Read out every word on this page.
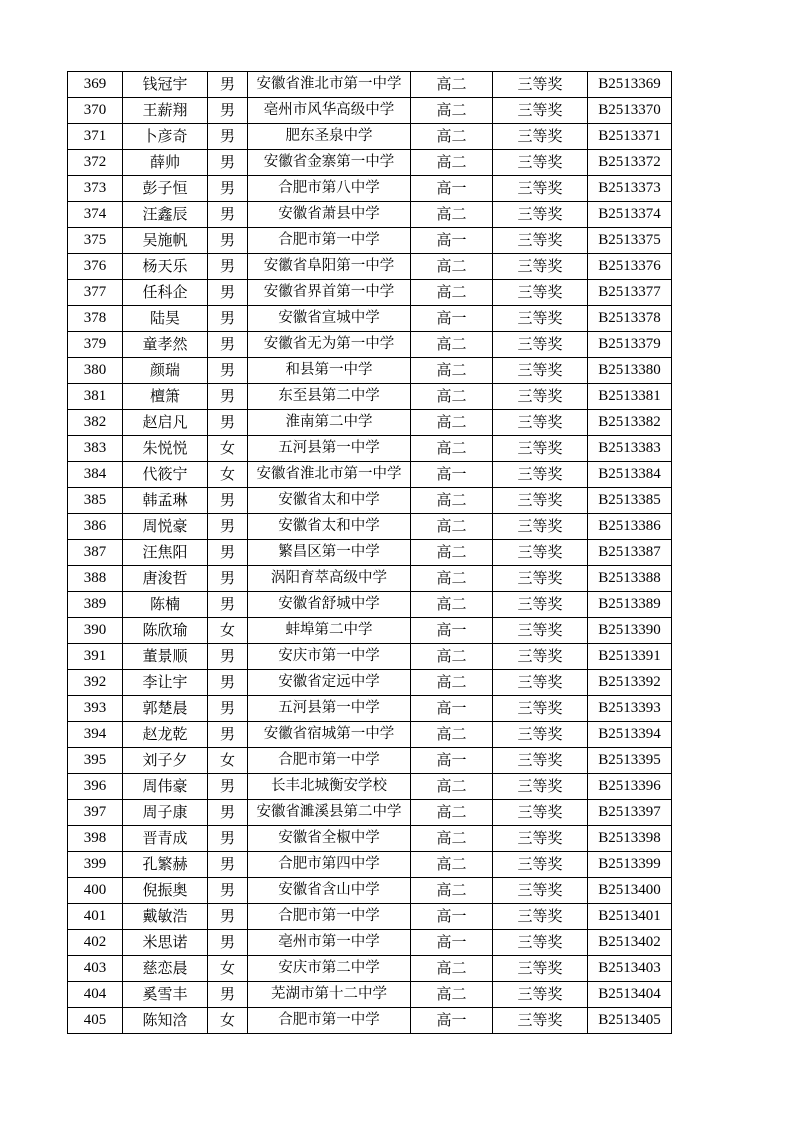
369	钱冠宇	男	安徽省淮北市第一中学	高二	三等奖	B2513369
370	王薪翔	男	亳州市风华高级中学	高二	三等奖	B2513370
371	卜彦奇	男	肥东圣泉中学	高二	三等奖	B2513371
372	薛帅	男	安徽省金寨第一中学	高二	三等奖	B2513372
373	彭子恒	男	合肥市第八中学	高一	三等奖	B2513373
374	汪鑫辰	男	安徽省萧县中学	高二	三等奖	B2513374
375	吴施帆	男	合肥市第一中学	高一	三等奖	B2513375
376	杨天乐	男	安徽省阜阳第一中学	高二	三等奖	B2513376
377	任科企	男	安徽省界首第一中学	高二	三等奖	B2513377
378	陆昊	男	安徽省宣城中学	高一	三等奖	B2513378
379	童孝然	男	安徽省无为第一中学	高二	三等奖	B2513379
380	颜瑞	男	和县第一中学	高二	三等奖	B2513380
381	檀箫	男	东至县第二中学	高二	三等奖	B2513381
382	赵启凡	男	淮南第二中学	高二	三等奖	B2513382
383	朱悦悦	女	五河县第一中学	高二	三等奖	B2513383
384	代筱宁	女	安徽省淮北市第一中学	高一	三等奖	B2513384
385	韩孟琳	男	安徽省太和中学	高二	三等奖	B2513385
386	周悦豪	男	安徽省太和中学	高二	三等奖	B2513386
387	汪焦阳	男	繁昌区第一中学	高二	三等奖	B2513387
388	唐浚哲	男	涡阳育萃高级中学	高二	三等奖	B2513388
389	陈楠	男	安徽省舒城中学	高二	三等奖	B2513389
390	陈欣瑜	女	蚌埠第二中学	高一	三等奖	B2513390
391	董景顺	男	安庆市第一中学	高二	三等奖	B2513391
392	李让宇	男	安徽省定远中学	高二	三等奖	B2513392
393	郭楚晨	男	五河县第一中学	高一	三等奖	B2513393
394	赵龙乾	男	安徽省宿城第一中学	高二	三等奖	B2513394
395	刘子夕	女	合肥市第一中学	高一	三等奖	B2513395
396	周伟豪	男	长丰北城衡安学校	高二	三等奖	B2513396
397	周子康	男	安徽省濉溪县第二中学	高二	三等奖	B2513397
398	晋青成	男	安徽省全椒中学	高二	三等奖	B2513398
399	孔繁赫	男	合肥市第四中学	高二	三等奖	B2513399
400	倪振奥	男	安徽省含山中学	高二	三等奖	B2513400
401	戴敏浩	男	合肥市第一中学	高一	三等奖	B2513401
402	米思诺	男	亳州市第一中学	高一	三等奖	B2513402
403	慈恋晨	女	安庆市第二中学	高二	三等奖	B2513403
404	奚雪丰	男	芜湖市第十二中学	高二	三等奖	B2513404
405	陈知浛	女	合肥市第一中学	高一	三等奖	B2513405
